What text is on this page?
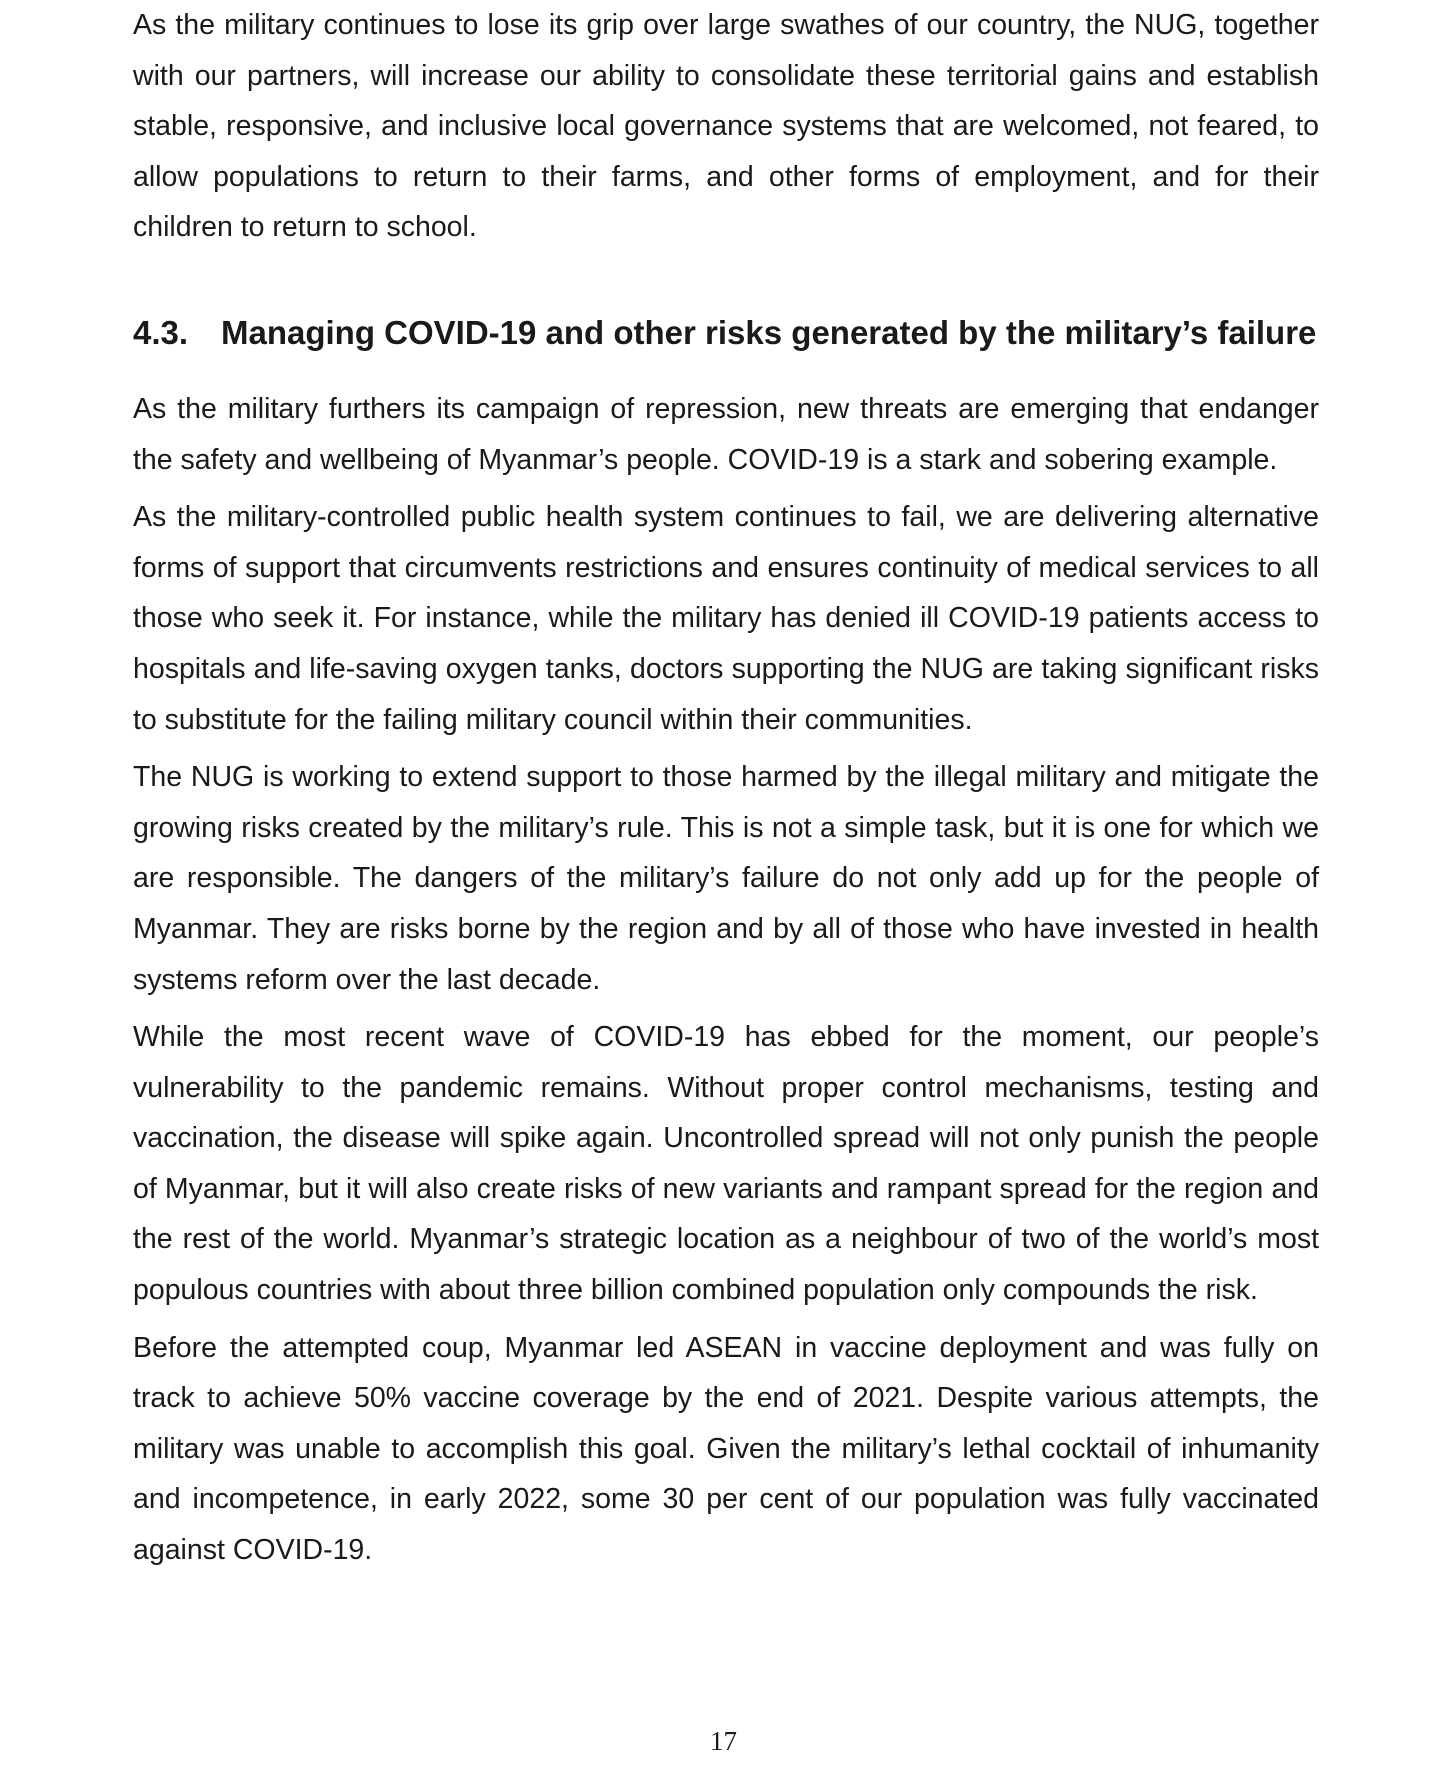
As the military continues to lose its grip over large swathes of our country, the NUG, together with our partners, will increase our ability to consolidate these territorial gains and establish stable, responsive, and inclusive local governance systems that are welcomed, not feared, to allow populations to return to their farms, and other forms of employment, and for their children to return to school.

4.3. Managing COVID-19 and other risks generated by the military’s failure

As the military furthers its campaign of repression, new threats are emerging that endanger the safety and wellbeing of Myanmar’s people. COVID-19 is a stark and sobering example.

As the military-controlled public health system continues to fail, we are delivering alternative forms of support that circumvents restrictions and ensures continuity of medical services to all those who seek it. For instance, while the military has denied ill COVID-19 patients access to hospitals and life-saving oxygen tanks, doctors supporting the NUG are taking significant risks to substitute for the failing military council within their communities.

The NUG is working to extend support to those harmed by the illegal military and mitigate the growing risks created by the military’s rule. This is not a simple task, but it is one for which we are responsible. The dangers of the military’s failure do not only add up for the people of Myanmar. They are risks borne by the region and by all of those who have invested in health systems reform over the last decade.

While the most recent wave of COVID-19 has ebbed for the moment, our people’s vulnerability to the pandemic remains. Without proper control mechanisms, testing and vaccination, the disease will spike again. Uncontrolled spread will not only punish the people of Myanmar, but it will also create risks of new variants and rampant spread for the region and the rest of the world. Myanmar’s strategic location as a neighbour of two of the world’s most populous countries with about three billion combined population only compounds the risk.

Before the attempted coup, Myanmar led ASEAN in vaccine deployment and was fully on track to achieve 50% vaccine coverage by the end of 2021. Despite various attempts, the military was unable to accomplish this goal. Given the military’s lethal cocktail of inhumanity and incompetence, in early 2022, some 30 per cent of our population was fully vaccinated against COVID-19.

17
